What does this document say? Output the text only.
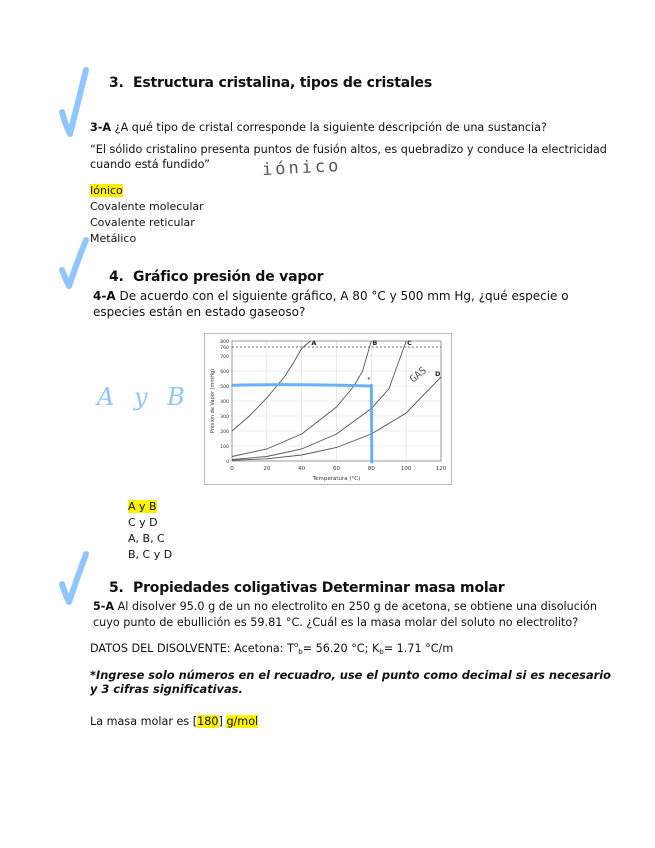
3. Estructura cristalina, tipos de cristales
3-A ¿A qué tipo de cristal corresponde la siguiente descripción de una sustancia?
“El sólido cristalino presenta puntos de fusión altos, es quebradizo y conduce la electricidad
cuando está fundido”	iónico
Iónico
Covalente molecular
Covalente reticular
Metálico
4. Gráfico presión de vapor
4-A De acuerdo con el siguiente gráfico, A 80 °C y 500 mm Hg, ¿qué especie o
especies están en estado gaseoso?
A y B
0	20	40	60	80	100	120
0
100
200
300
400
500
600
700
760
800
Temperatura (°C)
Presión de Vapor (mmHg)
A	B	C
D
*	GAS
A y B
C y D
A, B, C
B, C y D
5. Propiedades coligativas Determinar masa molar
5-A Al disolver 95.0 g de un no electrolito en 250 g de acetona, se obtiene una disolución
cuyo punto de ebullición es 59.81 °C. ¿Cuál es la masa molar del soluto no electrolito?
DATOS DEL DISOLVENTE: Acetona: $T^o_b= 56.20$ °C; $K_b= 1.71$ °C/m
*Ingrese solo números en el recuadro, use el punto como decimal si es necesario
y 3 cifras significativas.
La masa molar es [180] g/mol
